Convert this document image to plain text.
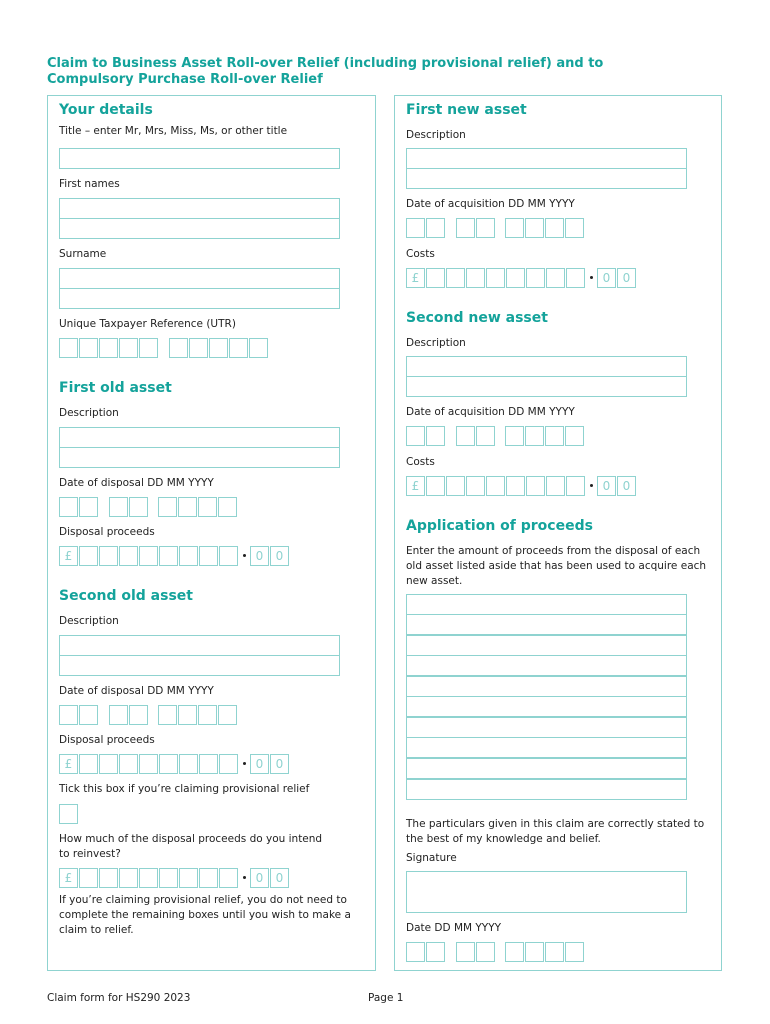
Claim to Business Asset Roll-over Relief (including provisional relief) and to Compulsory Purchase Roll-over Relief
Your details
Title – enter Mr, Mrs, Miss, Ms, or other title
First names
Surname
Unique Taxpayer Reference (UTR)
First old asset
Description
Date of disposal DD MM YYYY
Disposal proceeds
£	0	0
Second old asset
Description
Date of disposal DD MM YYYY
Disposal proceeds
£	0	0
Tick this box if you’re claiming provisional relief
How much of the disposal proceeds do you intend
to reinvest?
£	0	0
If you’re claiming provisional relief, you do not need to
complete the remaining boxes until you wish to make a
claim to relief.
First new asset
Description
Date of acquisition DD MM YYYY
Costs
£	0	0
Second new asset
Description
Date of acquisition DD MM YYYY
Costs
£	0	0
Application of proceeds
Enter the amount of proceeds from the disposal of each
old asset listed aside that has been used to acquire each
new asset.
The particulars given in this claim are correctly stated to
the best of my knowledge and belief.
Signature
Date DD MM YYYY
Claim form for HS290 2023	Page 1
